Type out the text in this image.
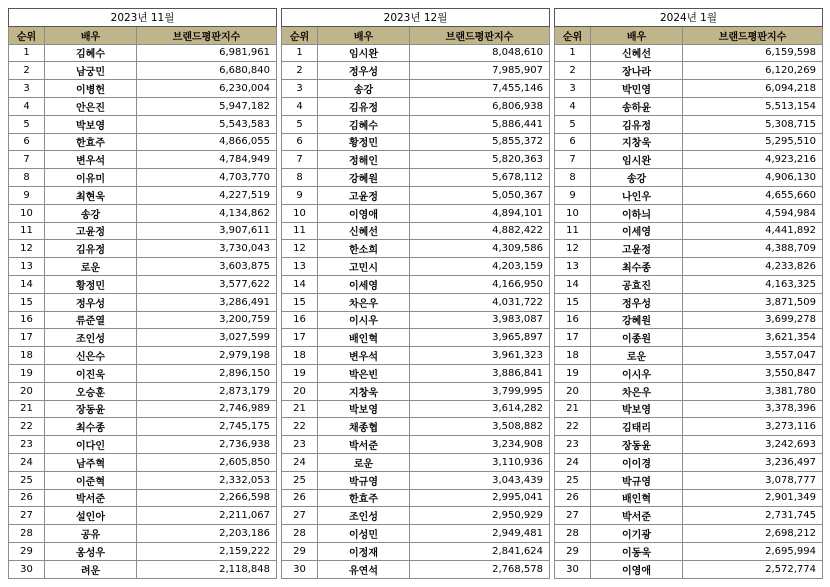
2023년 11월		
순위	배우	브랜드평판지수
1	김혜수	6,981,961
2	남궁민	6,680,840
3	이병헌	6,230,004
4	안은진	5,947,182
5	박보영	5,543,583
6	한효주	4,866,055
7	변우석	4,784,949
8	이유미	4,703,770
9	최현욱	4,227,519
10	송강	4,134,862
11	고윤정	3,907,611
12	김유정	3,730,043
13	로운	3,603,875
14	황정민	3,577,622
15	정우성	3,286,491
16	류준열	3,200,759
17	조인성	3,027,599
18	신은수	2,979,198
19	이진욱	2,896,150
20	오승훈	2,873,179
21	장동윤	2,746,989
22	최수종	2,745,175
23	이다인	2,736,938
24	남주혁	2,605,850
25	이준혁	2,332,053
26	박서준	2,266,598
27	설인아	2,211,067
28	공유	2,203,186
29	옹성우	2,159,222
30	려운	2,118,848
2023년 12월		
순위	배우	브랜드평판지수
1	임시완	8,048,610
2	정우성	7,985,907
3	송강	7,455,146
4	김유정	6,806,938
5	김혜수	5,886,441
6	황정민	5,855,372
7	정해인	5,820,363
8	강혜원	5,678,112
9	고윤정	5,050,367
10	이영애	4,894,101
11	신혜선	4,882,422
12	한소희	4,309,586
13	고민시	4,203,159
14	이세영	4,166,950
15	차은우	4,031,722
16	이시우	3,983,087
17	배인혁	3,965,897
18	변우석	3,961,323
19	박은빈	3,886,841
20	지창욱	3,799,995
21	박보영	3,614,282
22	채종협	3,508,882
23	박서준	3,234,908
24	로운	3,110,936
25	박규영	3,043,439
26	한효주	2,995,041
27	조인성	2,950,929
28	이성민	2,949,481
29	이정재	2,841,624
30	유연석	2,768,578
2024년 1월		
순위	배우	브랜드평판지수
1	신혜선	6,159,598
2	장나라	6,120,269
3	박민영	6,094,218
4	송하윤	5,513,154
5	김유정	5,308,715
6	지창욱	5,295,510
7	임시완	4,923,216
8	송강	4,906,130
9	나인우	4,655,660
10	이하늬	4,594,984
11	이세영	4,441,892
12	고윤정	4,388,709
13	최수종	4,233,826
14	공효진	4,163,325
15	정우성	3,871,509
16	강혜원	3,699,278
17	이종원	3,621,354
18	로운	3,557,047
19	이시우	3,550,847
20	차은우	3,381,780
21	박보영	3,378,396
22	김태리	3,273,116
23	장동윤	3,242,693
24	이이경	3,236,497
25	박규영	3,078,777
26	배인혁	2,901,349
27	박서준	2,731,745
28	이기광	2,698,212
29	이동욱	2,695,994
30	이영애	2,572,774
